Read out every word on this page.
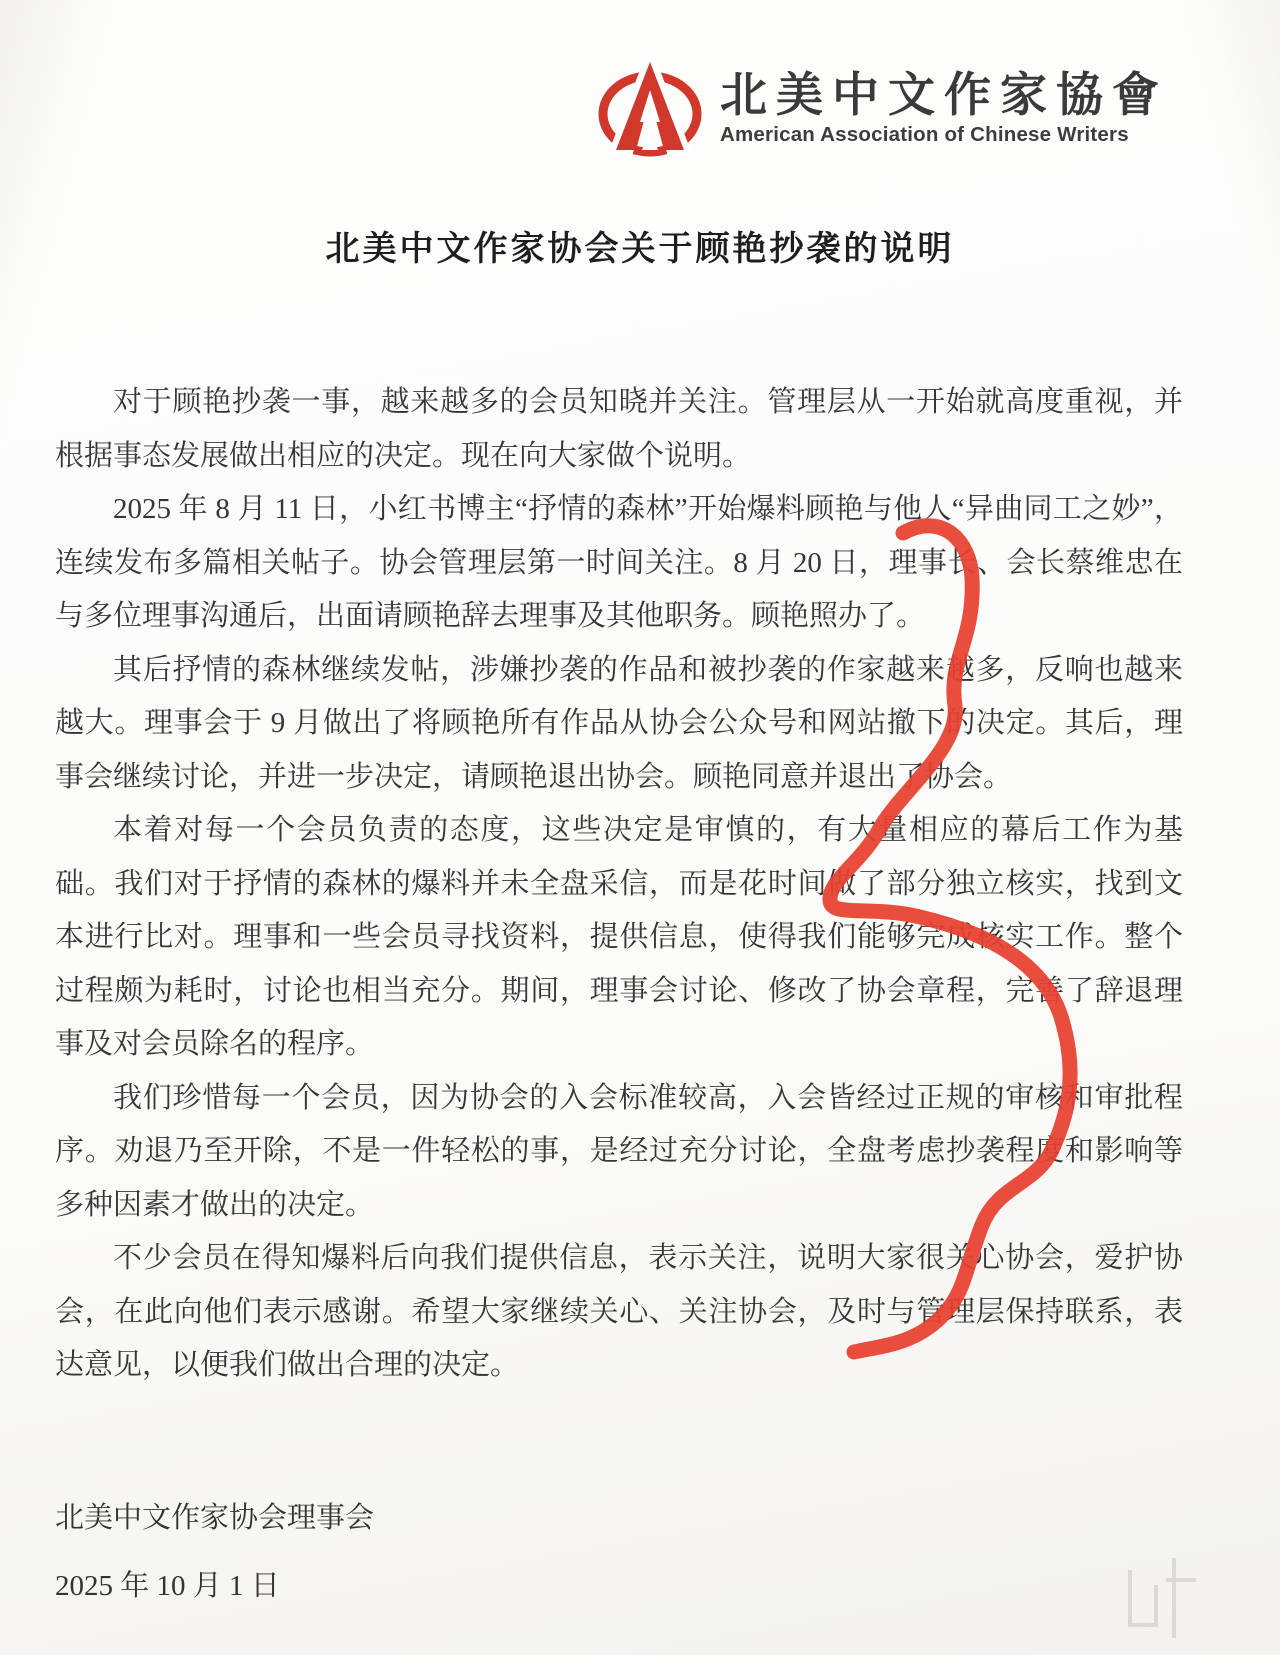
北美中文作家協會
American Association of Chinese Writers
北美中文作家协会关于顾艳抄袭的说明

对于顾艳抄袭一事，越来越多的会员知晓并关注。管理层从一开始就高度重视，并根据事态发展做出相应的决定。现在向大家做个说明。

2025 年 8 月 11 日，小红书博主“抒情的森林”开始爆料顾艳与他人“异曲同工之妙”，连续发布多篇相关帖子。协会管理层第一时间关注。8 月 20 日，理事长、会长蔡维忠在与多位理事沟通后，出面请顾艳辞去理事及其他职务。顾艳照办了。

其后抒情的森林继续发帖，涉嫌抄袭的作品和被抄袭的作家越来越多，反响也越来越大。理事会于 9 月做出了将顾艳所有作品从协会公众号和网站撤下的决定。其后，理事会继续讨论，并进一步决定，请顾艳退出协会。顾艳同意并退出了协会。

本着对每一个会员负责的态度，这些决定是审慎的，有大量相应的幕后工作为基础。我们对于抒情的森林的爆料并未全盘采信，而是花时间做了部分独立核实，找到文本进行比对。理事和一些会员寻找资料，提供信息，使得我们能够完成核实工作。整个过程颇为耗时，讨论也相当充分。期间，理事会讨论、修改了协会章程，完善了辞退理事及对会员除名的程序。

我们珍惜每一个会员，因为协会的入会标准较高，入会皆经过正规的审核和审批程序。劝退乃至开除，不是一件轻松的事，是经过充分讨论，全盘考虑抄袭程度和影响等多种因素才做出的决定。

不少会员在得知爆料后向我们提供信息，表示关注，说明大家很关心协会，爱护协会，在此向他们表示感谢。希望大家继续关心、关注协会，及时与管理层保持联系，表达意见，以便我们做出合理的决定。

北美中文作家协会理事会
2025 年 10 月 1 日
